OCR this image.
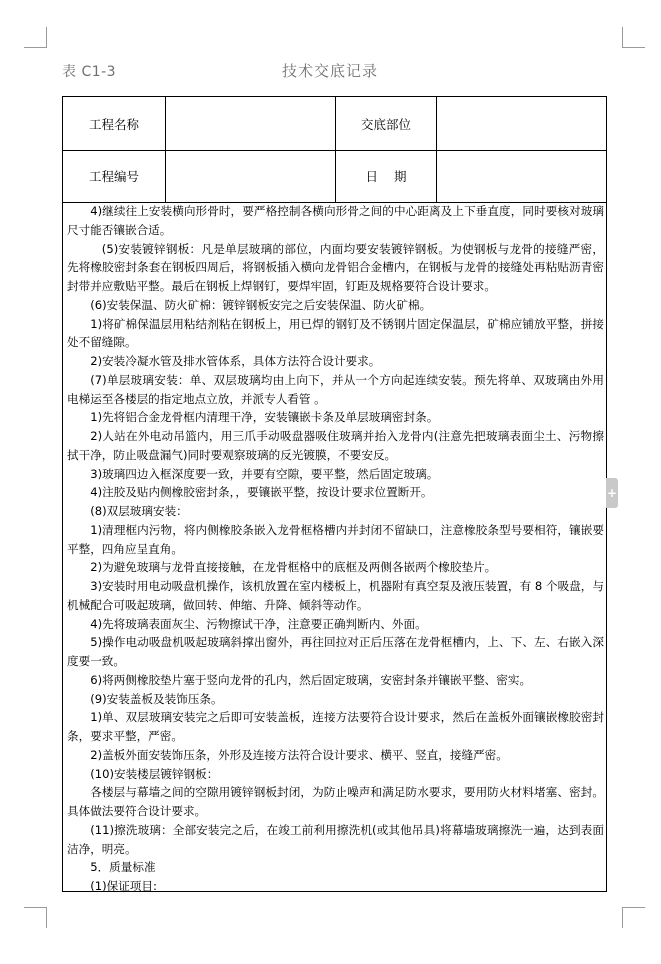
表 C1-3	技术交底记录
工程名称	交底部位
工程编号	日    期

4)继续往上安装横向形骨时，要严格控制各横向形骨之间的中心距离及上下垂直度，同时要核对玻璃尺寸能否镶嵌合适。

(5)安装镀锌钢板：凡是单层玻璃的部位，内面均要安装镀锌钢板。为使钢板与龙骨的接缝严密，先将橡胶密封条套在钢板四周后，将钢板插入横向龙骨铝合金槽内，在钢板与龙骨的接缝处再粘贴沥青密封带并应敷贴平整。最后在钢板上焊钢钉，要焊牢固，钉距及规格要符合设计要求。

(6)安装保温、防火矿棉：镀锌钢板安完之后安装保温、防火矿棉。

1)将矿棉保温层用粘结剂粘在钢板上，用已焊的钢钉及不锈钢片固定保温层，矿棉应铺放平整，拼接处不留缝隙。

2)安装冷凝水管及排水管体系，具体方法符合设计要求。

(7)单层玻璃安装：单、双层玻璃均由上向下，并从一个方向起连续安装。预先将单、双玻璃由外用电梯运至各楼层的指定地点立放，并派专人看管 。

1)先将铝合金龙骨框内清理干净，安装镶嵌卡条及单层玻璃密封条。

2)人站在外电动吊篮内，用三爪手动吸盘器吸住玻璃并抬入龙骨内(注意先把玻璃表面尘土、污物擦拭干净，防止吸盘漏气)同时要观察玻璃的反光镀膜，不要安反。

3)玻璃四边入框深度要一致，并要有空隙，要平整，然后固定玻璃。

4)注胶及贴内侧橡胶密封条，，要镶嵌平整，按设计要求位置断开。

(8)双层玻璃安装：

1)清理框内污物，将内侧橡胶条嵌入龙骨框格槽内并封闭不留缺口，注意橡胶条型号要相符，镶嵌要平整，四角应呈直角。

2)为避免玻璃与龙骨直接接触，在龙骨框格中的底框及两侧各嵌两个橡胶垫片。

3)安装时用电动吸盘机操作，该机放置在室内楼板上，机器附有真空泵及液压装置，有 8 个吸盘，与机械配合可吸起玻璃，做回转、伸缩、升降、倾斜等动作。

4)先将玻璃表面灰尘、污物擦试干净，注意要正确判断内、外面。

5)操作电动吸盘机吸起玻璃斜撑出窗外，再往回拉对正后压落在龙骨框槽内，上、下、左、右嵌入深度要一致。

6)将两侧橡胶垫片塞于竖向龙骨的孔内，然后固定玻璃，安密封条并镶嵌平整、密实。

(9)安装盖板及装饰压条。

1)单、双层玻璃安装完之后即可安装盖板，连接方法要符合设计要求，然后在盖板外面镶嵌橡胶密封条，要求平整，严密。

2)盖板外面安装饰压条，外形及连接方法符合设计要求、横平、竖直，接缝严密。

(10)安装楼层镀锌钢板：

各楼层与幕墙之间的空隙用镀锌钢板封闭，为防止噪声和满足防水要求，要用防火材料堵塞、密封。具体做法要符合设计要求。

(11)擦洗玻璃：全部安装完之后，在竣工前利用擦洗机(或其他吊具)将幕墙玻璃擦洗一遍，达到表面洁净，明亮。

5．质量标准

(1)保证项目:

+
